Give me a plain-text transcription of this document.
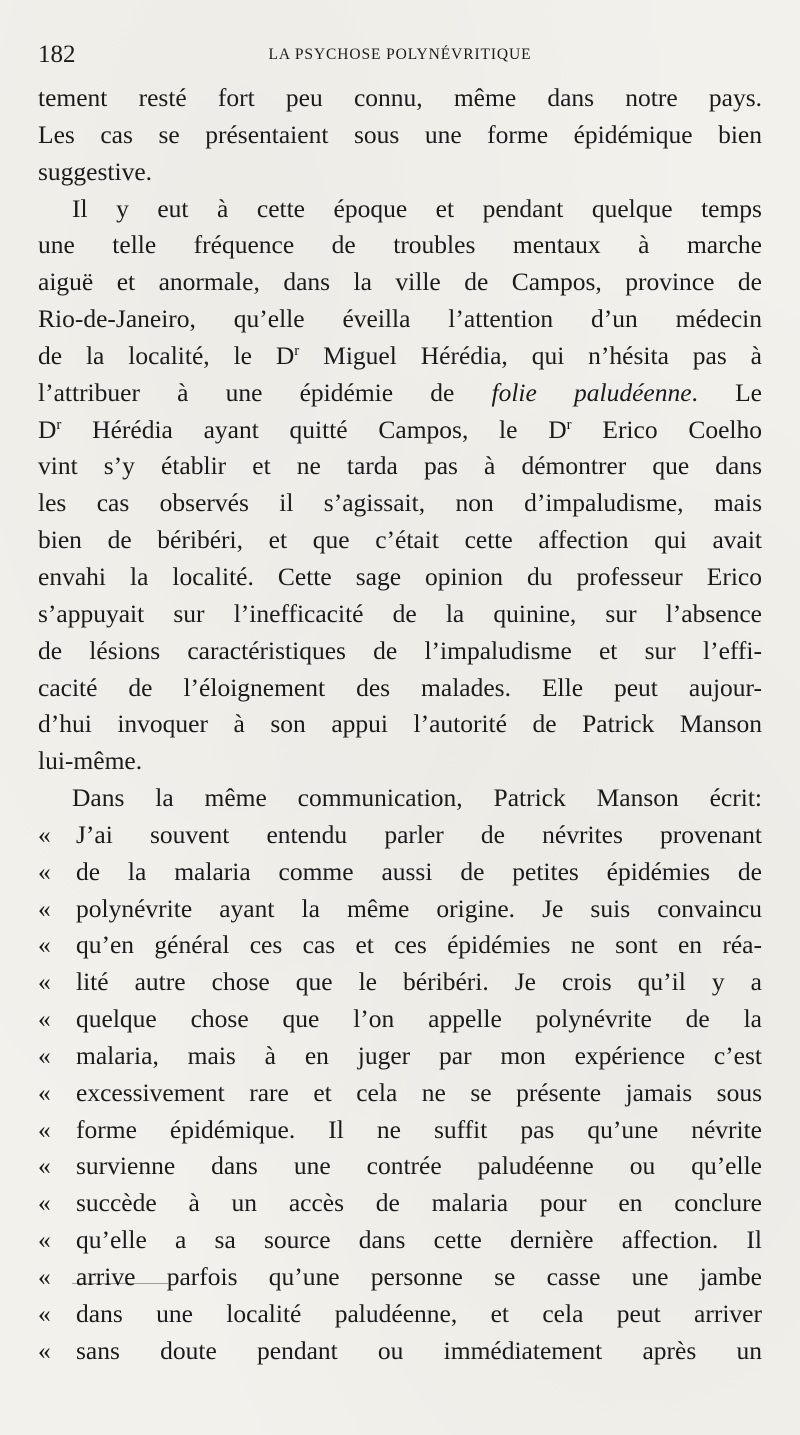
182	LA PSYCHOSE POLYNÉVRITIQUE
tement resté fort peu connu, même dans notre pays.
Les cas se présentaient sous une forme épidémique bien
suggestive.
Il y eut à cette époque et pendant quelque temps
une telle fréquence de troubles mentaux à marche
aiguë et anormale, dans la ville de Campos, province de
Rio-de-Janeiro, qu’elle éveilla l’attention d’un médecin
de la localité, le $D^r$ Miguel Hérédia, qui n’hésita pas à
l’attribuer à une épidémie de folie paludéenne. Le
$D^r$ Hérédia ayant quitté Campos, le $D^r$ Erico Coelho
vint s’y établir et ne tarda pas à démontrer que dans
les cas observés il s’agissait, non d’impaludisme, mais
bien de béribéri, et que c’était cette affection qui avait
envahi la localité. Cette sage opinion du professeur Erico
s’appuyait sur l’inefficacité de la quinine, sur l’absence
de lésions caractéristiques de l’impaludisme et sur l’effi-
cacité de l’éloignement des malades. Elle peut aujour-
d’hui invoquer à son appui l’autorité de Patrick Manson
lui-même.
Dans la même communication, Patrick Manson écrit:
« J’ai souvent entendu parler de névrites provenant
« de la malaria comme aussi de petites épidémies de
« polynévrite ayant la même origine. Je suis convaincu
« qu’en général ces cas et ces épidémies ne sont en réa-
« lité autre chose que le béribéri. Je crois qu’il y a
« quelque chose que l’on appelle polynévrite de la
« malaria, mais à en juger par mon expérience c’est
« excessivement rare et cela ne se présente jamais sous
« forme épidémique. Il ne suffit pas qu’une névrite
« survienne dans une contrée paludéenne ou qu’elle
« succède à un accès de malaria pour en conclure
« qu’elle a sa source dans cette dernière affection. Il
« arrive parfois qu’une personne se casse une jambe
« dans une localité paludéenne, et cela peut arriver
« sans doute pendant ou immédiatement après un
